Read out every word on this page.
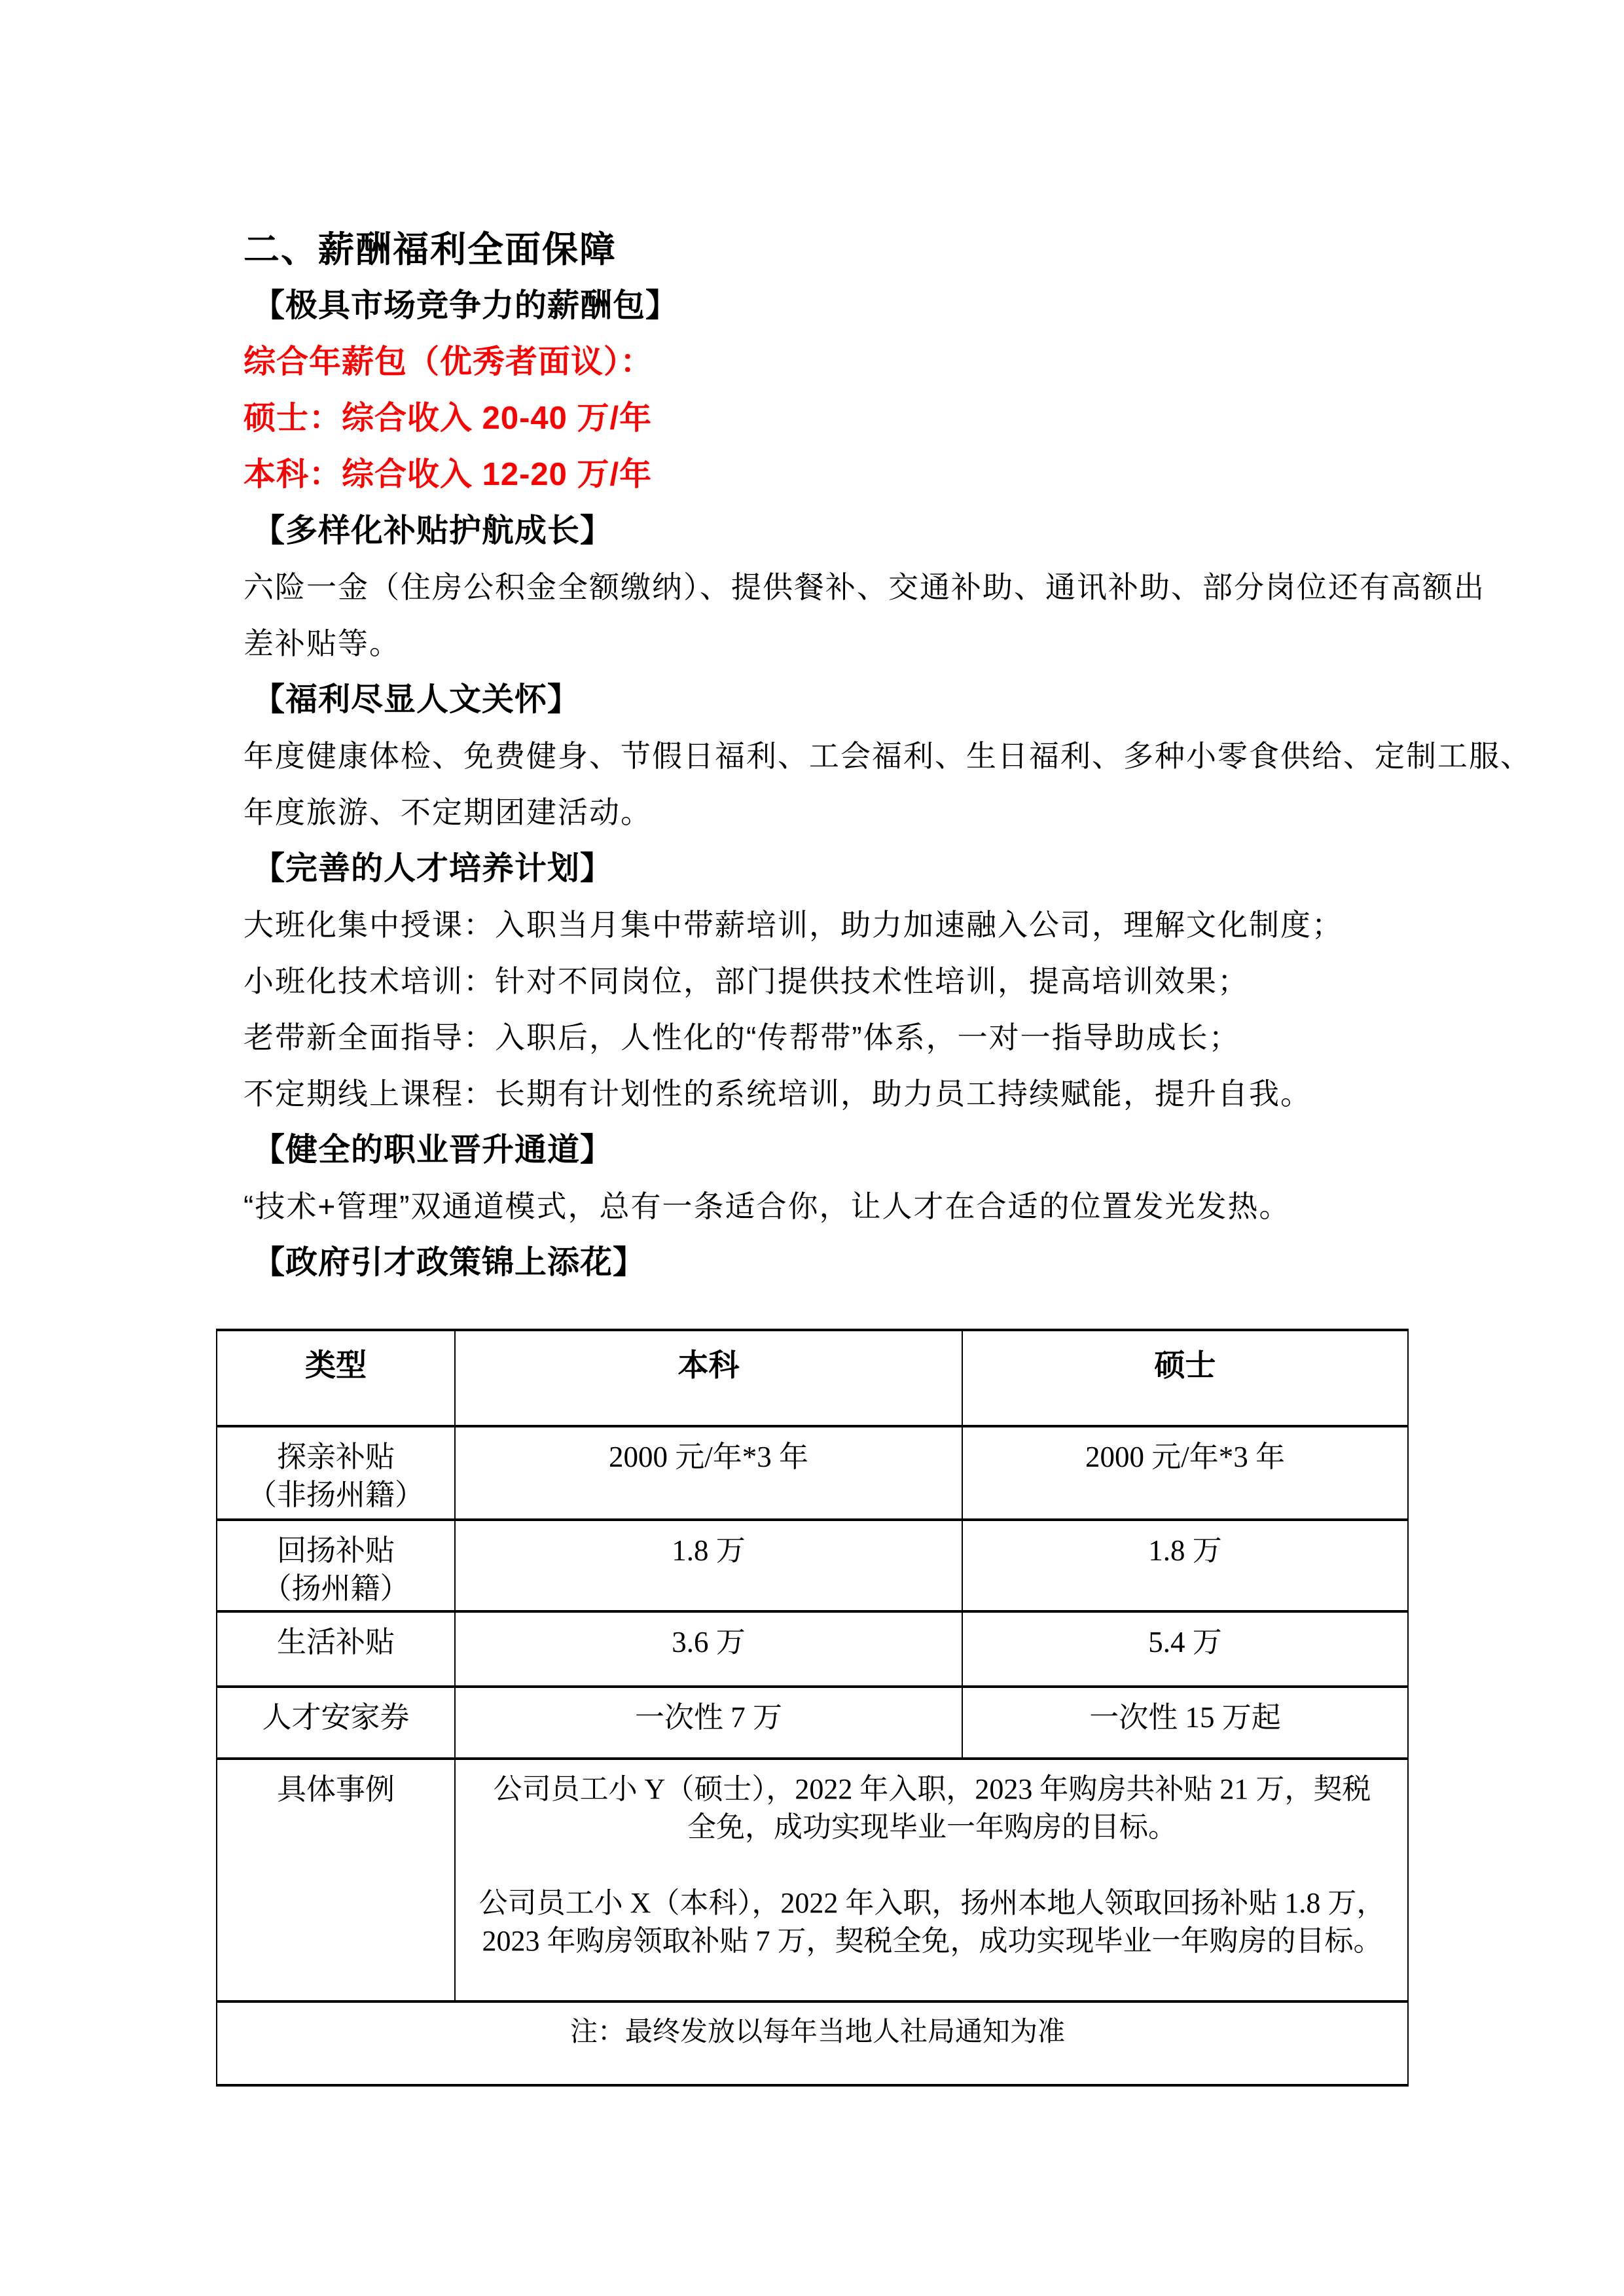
二、薪酬福利全面保障
【极具市场竞争力的薪酬包】
综合年薪包（优秀者面议）：
硕士：综合收入 20-40 万/年
本科：综合收入 12-20 万/年
【多样化补贴护航成长】
六险一金（住房公积金全额缴纳）、提供餐补、交通补助、通讯补助、部分岗位还有高额出
差补贴等。
【福利尽显人文关怀】
年度健康体检、免费健身、节假日福利、工会福利、生日福利、多种小零食供给、定制工服、
年度旅游、不定期团建活动。
【完善的人才培养计划】
大班化集中授课：入职当月集中带薪培训，助力加速融入公司，理解文化制度；
小班化技术培训：针对不同岗位，部门提供技术性培训，提高培训效果；
老带新全面指导：入职后，人性化的“传帮带”体系，一对一指导助成长；
不定期线上课程：长期有计划性的系统培训，助力员工持续赋能，提升自我。
【健全的职业晋升通道】
“技术+管理”双通道模式，总有一条适合你，让人才在合适的位置发光发热。
【政府引才政策锦上添花】
类型	本科	硕士

探亲补贴
（非扬州籍）	2000 元/年*3 年	2000 元/年*3 年

回扬补贴
（扬州籍）	1.8 万	1.8 万

生活补贴	3.6 万	5.4 万

人才安家券	一次性 7 万	一次性 15 万起
具体事例	公司员工小 Y（硕士），2022 年入职，2023 年购房共补贴 21 万，契税
全免，成功实现毕业一年购房的目标。
公司员工小 X（本科），2022 年入职，扬州本地人领取回扬补贴 1.8 万，
2023 年购房领取补贴 7 万，契税全免，成功实现毕业一年购房的目标。	

注：最终发放以每年当地人社局通知为准		
